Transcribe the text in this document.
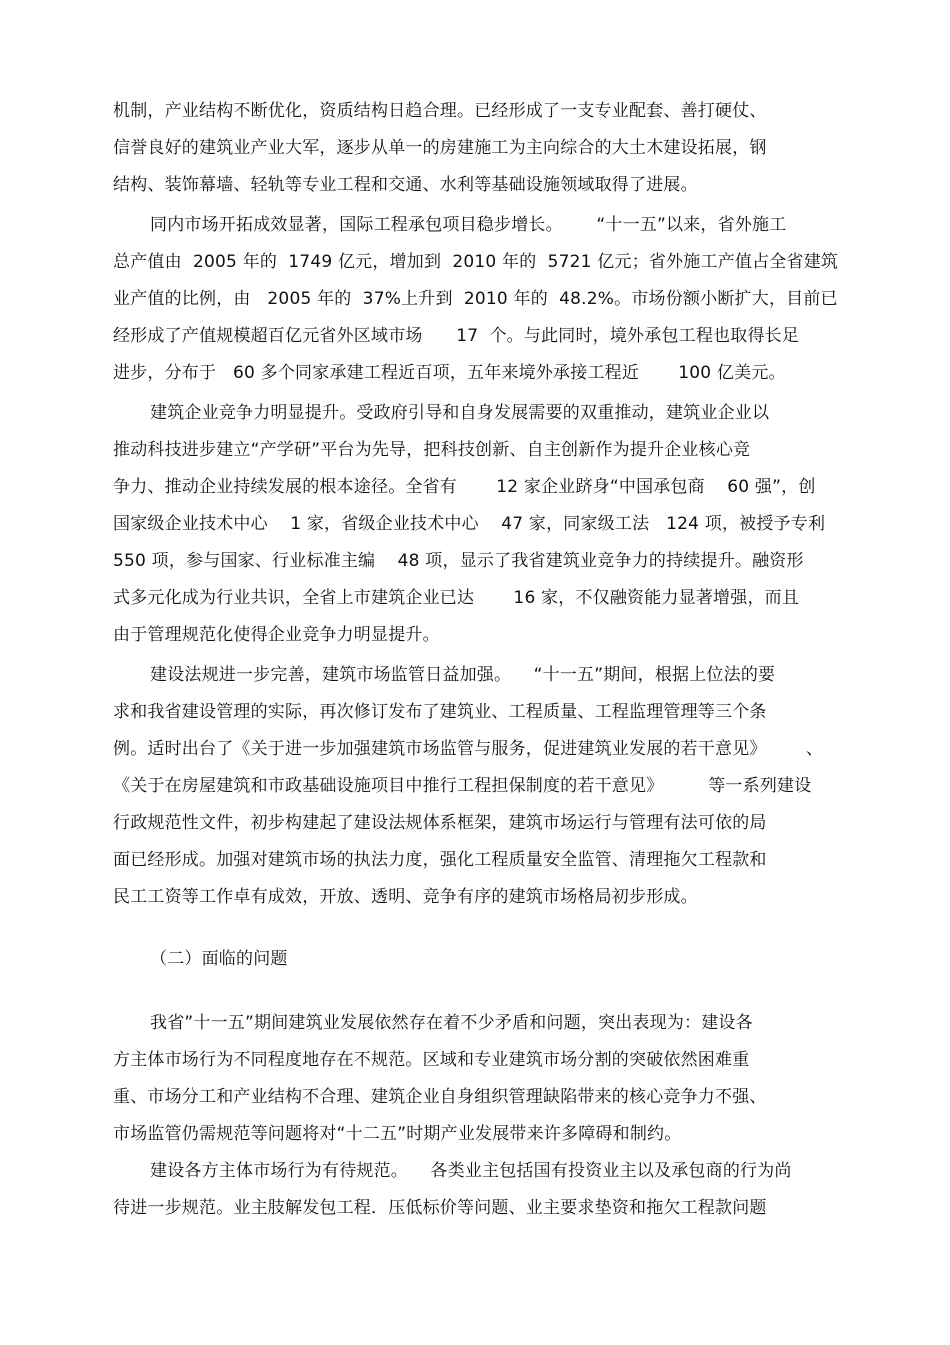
机制，产业结构不断优化，资质结构日趋合理。已经形成了一支专业配套、善打硬仗、
信誉良好的建筑业产业大军，逐步从单一的房建施工为主向综合的大土木建设拓展，钢
结构、装饰幕墙、轻轨等专业工程和交通、水利等基础设施领域取得了进展。
同内市场开拓成效显著，国际工程承包项目稳步增长。      “十一五”以来，省外施工
总产值由  2005 年的  1749 亿元，增加到  2010 年的  5721 亿元；省外施工产值占全省建筑
业产值的比例，由   2005 年的  37%上升到  2010 年的  48.2%。市场份额小断扩大，目前已
经形成了产值规模超百亿元省外区域市场      17  个。与此同时，境外承包工程也取得长足
进步，分布于   60 多个同家承建工程近百项，五年来境外承接工程近       100 亿美元。
建筑企业竞争力明显提升。受政府引导和自身发展需要的双重推动，建筑业企业以
推动科技进步建立“产学研”平台为先导，把科技创新、自主创新作为提升企业核心竞
争力、推动企业持续发展的根本途径。全省有       12 家企业跻身“中国承包商    60 强”，创
国家级企业技术中心    1 家，省级企业技术中心    47 家，同家级工法   124 项，被授予专利
550 项，参与国家、行业标准主编    48 项，显示了我省建筑业竞争力的持续提升。融资形
式多元化成为行业共识，全省上市建筑企业已达       16 家，不仅融资能力显著增强，而且
由于管理规范化使得企业竞争力明显提升。
建设法规进一步完善，建筑市场监管日益加强。    “十一五”期间，根据上位法的要
求和我省建设管理的实际，再次修订发布了建筑业、工程质量、工程监理管理等三个条
例。适时出台了《关于进一步加强建筑市场监管与服务，促进建筑业发展的若干意见》       、
《关于在房屋建筑和市政基础设施项目中推行工程担保制度的若干意见》        等一系列建设
行政规范性文件，初步构建起了建设法规体系框架，建筑市场运行与管理有法可依的局
面已经形成。加强对建筑市场的执法力度，强化工程质量安全监管、清理拖欠工程款和
民工工资等工作卓有成效，开放、透明、竞争有序的建筑市场格局初步形成。
（二）面临的问题
我省”十一五”期间建筑业发展依然存在着不少矛盾和问题，突出表现为：建设各
方主体市场行为不同程度地存在不规范。区域和专业建筑市场分割的突破依然困难重
重、市场分工和产业结构不合理、建筑企业自身组织管理缺陷带来的核心竞争力不强、
市场监管仍需规范等问题将对“十二五”时期产业发展带来许多障碍和制约。
建设各方主体市场行为有待规范。    各类业主包括国有投资业主以及承包商的行为尚
待进一步规范。业主肢解发包工程．压低标价等问题、业主要求垫资和拖欠工程款问题
